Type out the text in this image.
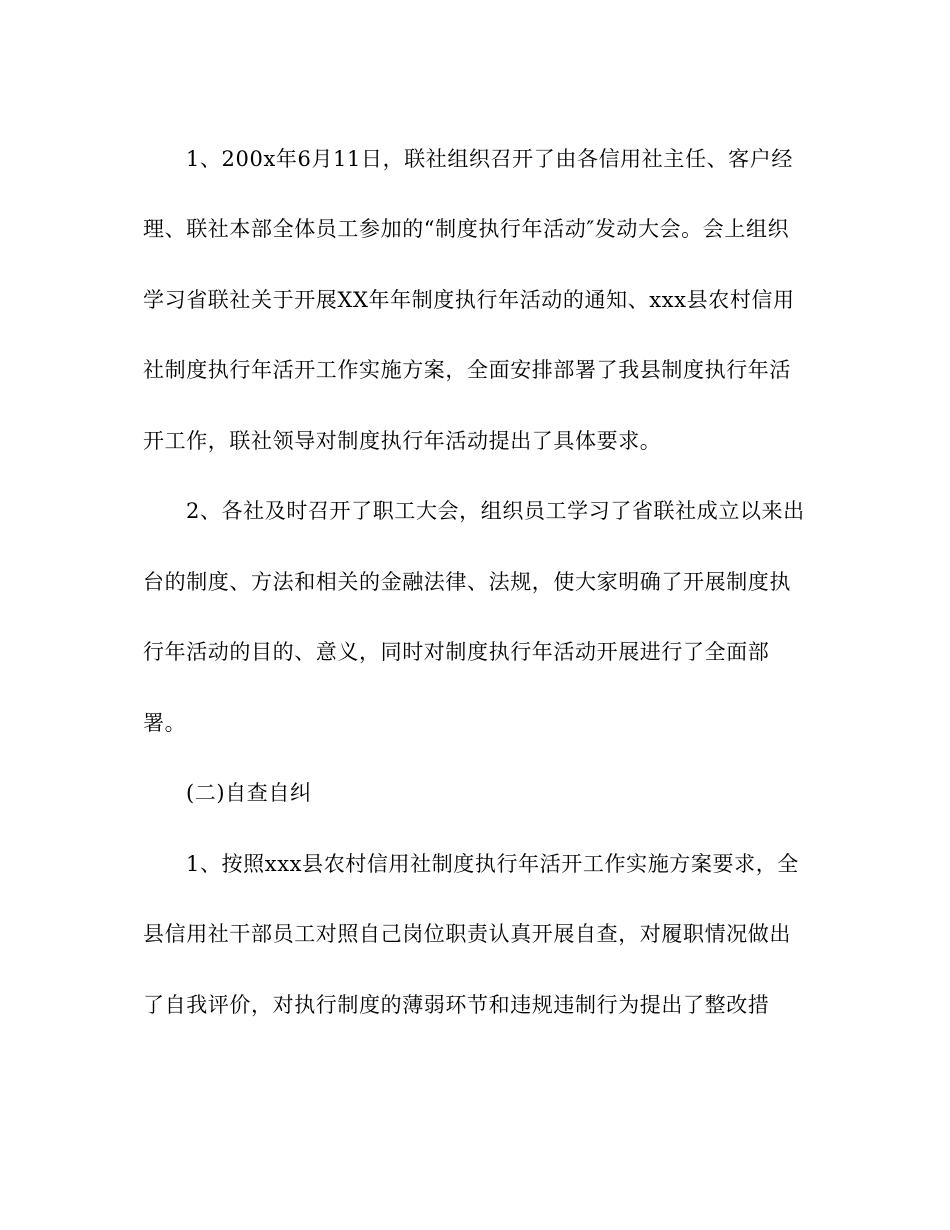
1、200x年6月11日，联社组织召开了由各信用社主任、客户经
理、联社本部全体员工参加的“制度执行年活动″发动大会。会上组织
学习省联社关于开展XX年年制度执行年活动的通知、xxx县农村信用
社制度执行年活开工作实施方案，全面安排部署了我县制度执行年活
开工作，联社领导对制度执行年活动提出了具体要求。
2、各社及时召开了职工大会，组织员工学习了省联社成立以来出
台的制度、方法和相关的金融法律、法规，使大家明确了开展制度执
行年活动的目的、意义，同时对制度执行年活动开展进行了全面部
署。
(二)自查自纠
1、按照xxx县农村信用社制度执行年活开工作实施方案要求，全
县信用社干部员工对照自己岗位职责认真开展自查，对履职情况做出
了自我评价，对执行制度的薄弱环节和违规违制行为提出了整改措
